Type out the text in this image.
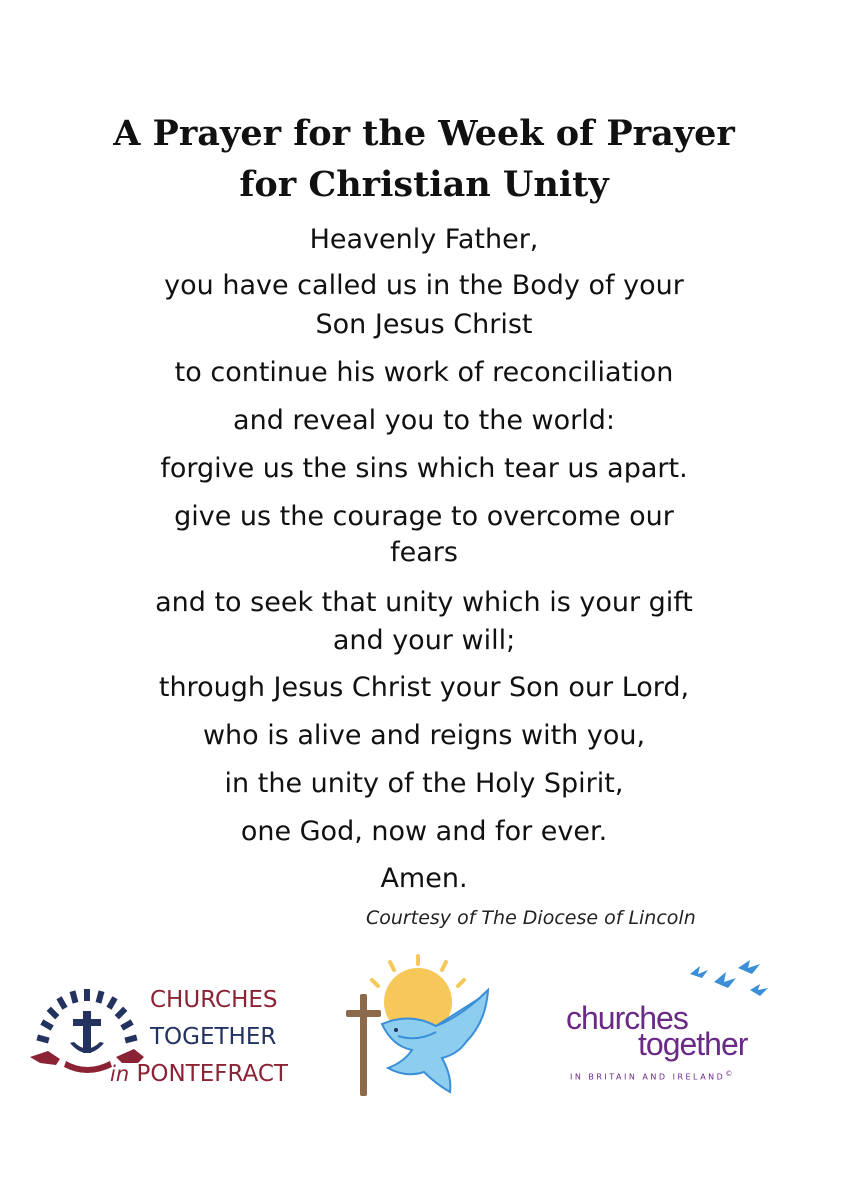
A Prayer for the Week of Prayer
for Christian Unity
Heavenly Father,
you have called us in the Body of your
Son Jesus Christ
to continue his work of reconciliation
and reveal you to the world:
forgive us the sins which tear us apart.
give us the courage to overcome our
fears
and to seek that unity which is your gift
and your will;
through Jesus Christ your Son our Lord,
who is alive and reigns with you,
in the unity of the Holy Spirit,
one God, now and for ever.
Amen.
Courtesy of The Diocese of Lincoln
CHURCHES
TOGETHER
in PONTEFRACT
churches
together
IN BRITAIN AND IRELAND©
